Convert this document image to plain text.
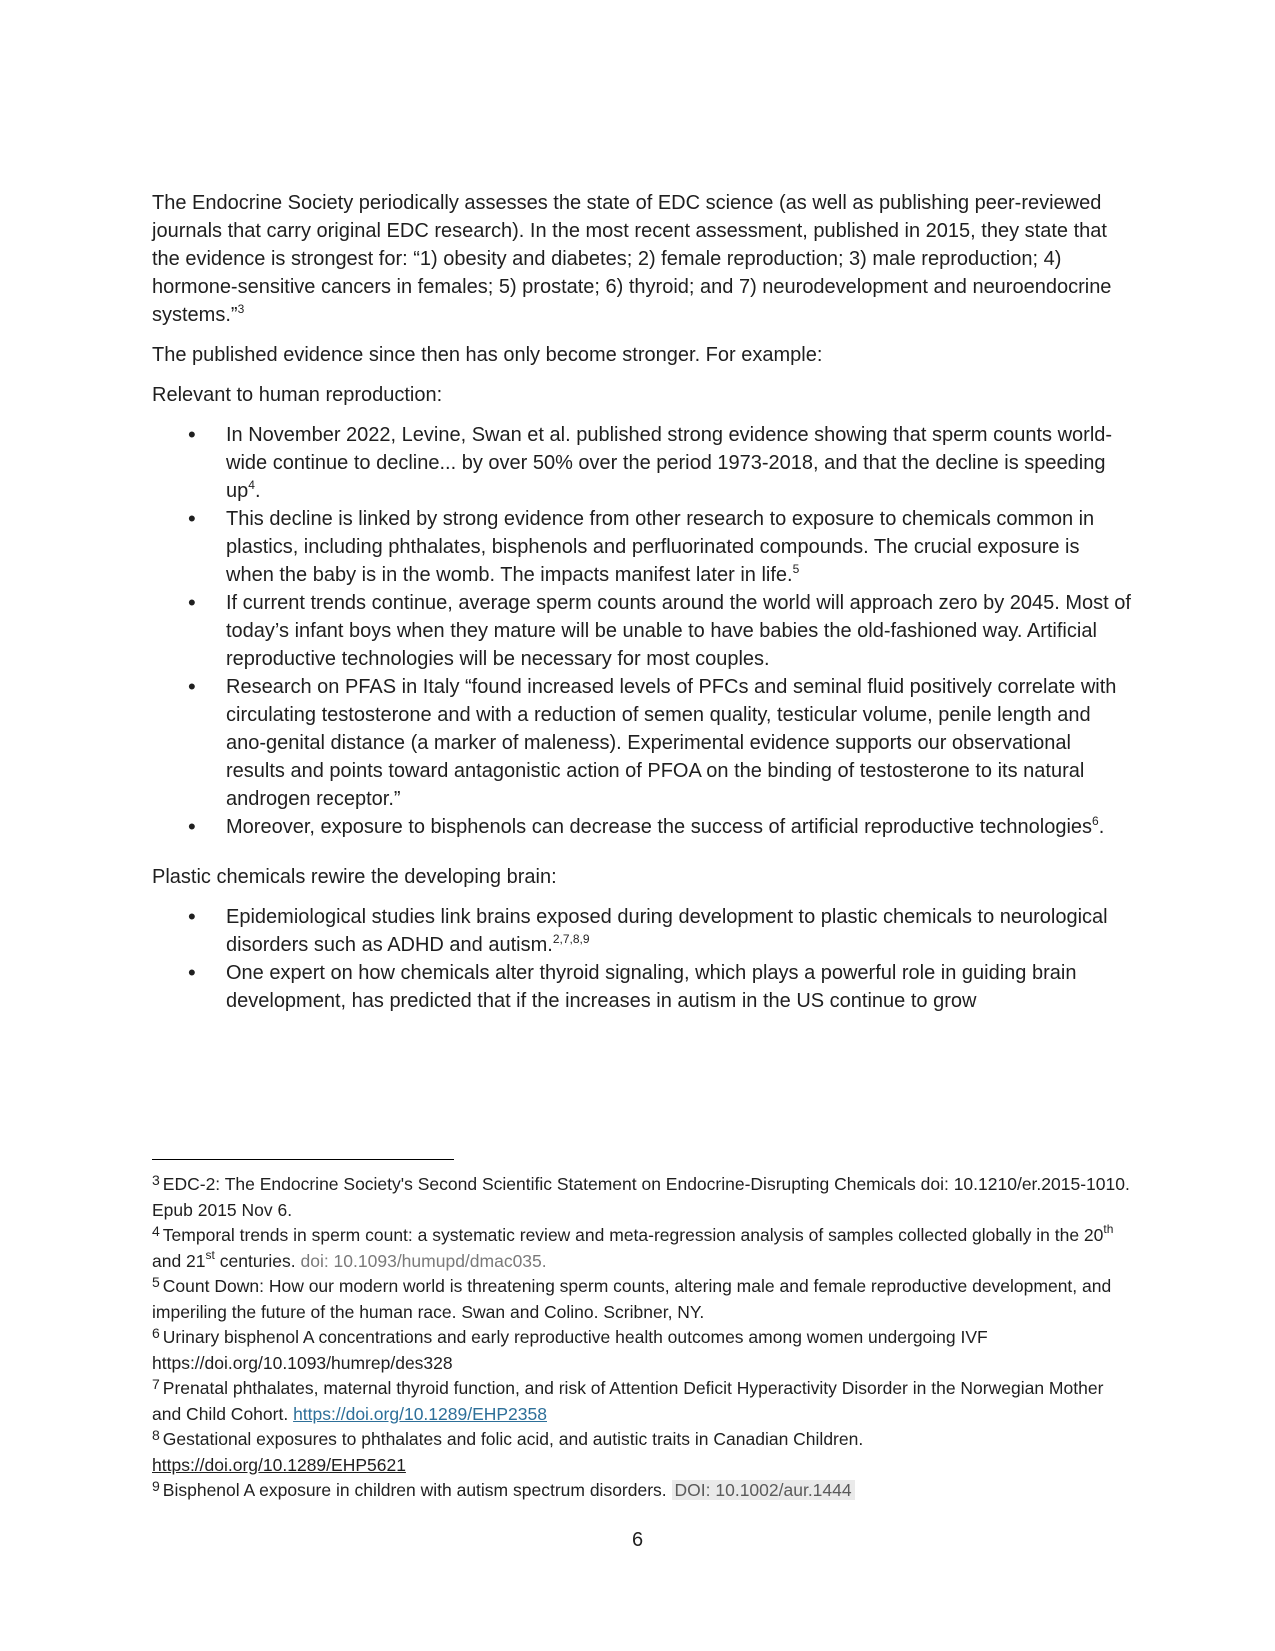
The Endocrine Society periodically assesses the state of EDC science (as well as publishing peer-reviewed journals that carry original EDC research). In the most recent assessment, published in 2015, they state that the evidence is strongest for: “1) obesity and diabetes; 2) female reproduction; 3) male reproduction; 4) hormone-sensitive cancers in females; 5) prostate; 6) thyroid; and 7) neurodevelopment and neuroendocrine systems.”$^3$

The published evidence since then has only become stronger. For example:

Relevant to human reproduction:

• In November 2022, Levine, Swan et al. published strong evidence showing that sperm counts world-wide continue to decline... by over 50% over the period 1973-2018, and that the decline is speeding $up^4$.
• This decline is linked by strong evidence from other research to exposure to chemicals common in plastics, including phthalates, bisphenols and perfluorinated compounds. The crucial exposure is when the baby is in the womb. The impacts manifest later in life.$^5$
• If current trends continue, average sperm counts around the world will approach zero by 2045. Most of today’s infant boys when they mature will be unable to have babies the old-fashioned way. Artificial reproductive technologies will be necessary for most couples.
• Research on PFAS in Italy “found increased levels of PFCs and seminal fluid positively correlate with circulating testosterone and with a reduction of semen quality, testicular volume, penile length and ano-genital distance (a marker of maleness). Experimental evidence supports our observational results and points toward antagonistic action of PFOA on the binding of testosterone to its natural androgen receptor.”
• Moreover, exposure to bisphenols can decrease the success of artificial reproductive technologies$^6$.

Plastic chemicals rewire the developing brain:

• Epidemiological studies link brains exposed during development to plastic chemicals to neurological disorders such as ADHD and autism.$^{2,7,8,9}$
• One expert on how chemicals alter thyroid signaling, which plays a powerful role in guiding brain development, has predicted that if the increases in autism in the US continue to grow

$^3$ EDC-2: The Endocrine Society's Second Scientific Statement on Endocrine-Disrupting Chemicals doi: 10.1210/er.2015-1010. Epub 2015 Nov 6.

$^4$ Temporal trends in sperm count: a systematic review and meta-regression analysis of samples collected globally in the 20th and 21st centuries. doi: 10.1093/humupd/dmac035.

$^5$ Count Down: How our modern world is threatening sperm counts, altering male and female reproductive development, and imperiling the future of the human race. Swan and Colino. Scribner, NY.

$^6$ Urinary bisphenol A concentrations and early reproductive health outcomes among women undergoing IVF
https://doi.org/10.1093/humrep/des328

$^7$ Prenatal phthalates, maternal thyroid function, and risk of Attention Deficit Hyperactivity Disorder in the Norwegian Mother and Child Cohort. https://doi.org/10.1289/EHP2358

$^8$ Gestational exposures to phthalates and folic acid, and autistic traits in Canadian Children.
https://doi.org/10.1289/EHP5621

$^9$ Bisphenol A exposure in children with autism spectrum disorders. DOI: 10.1002/aur.1444

6
